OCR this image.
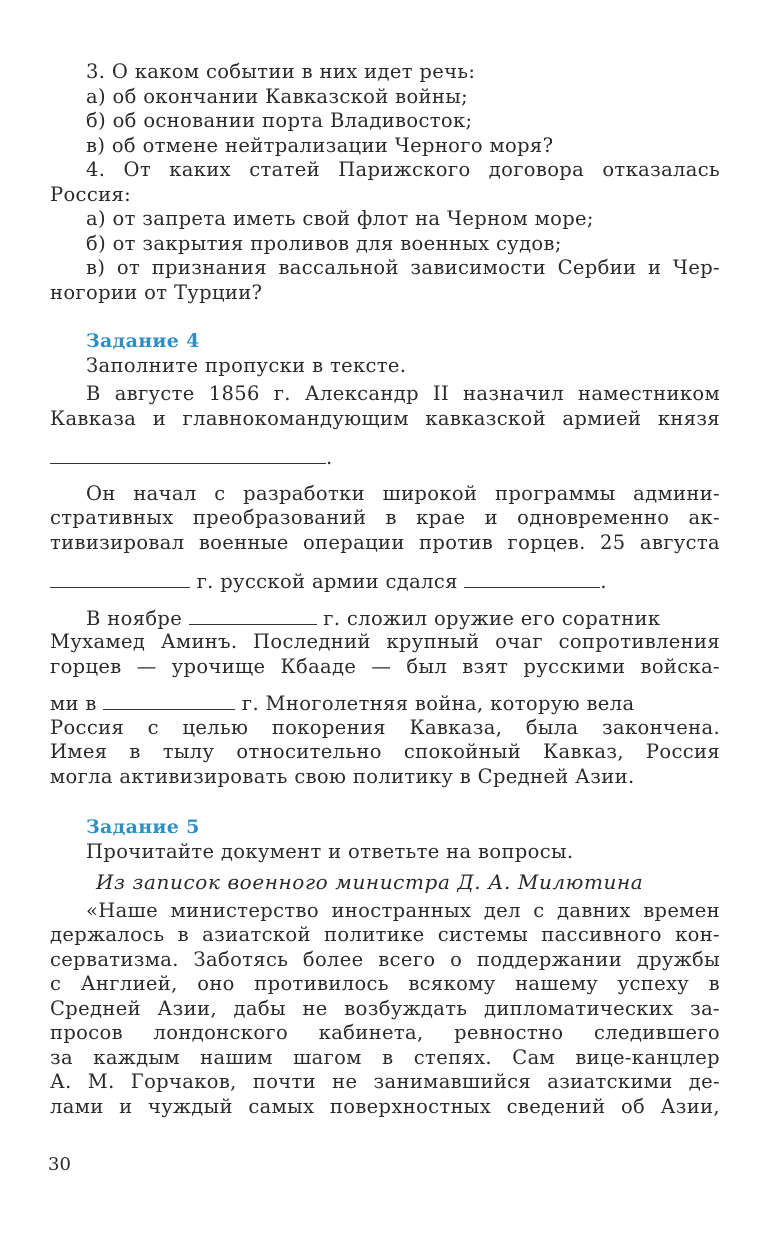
3. О каком событии в них идет речь:
а) об окончании Кавказской войны;
б) об основании порта Владивосток;
в) об отмене нейтрализации Черного моря?
4. От каких статей Парижского договора отказалась
Россия:
а) от запрета иметь свой флот на Черном море;
б) от закрытия проливов для военных судов;
в) от признания вассальной зависимости Сербии и Чер-
ногории от Турции?
Задание 4
Заполните пропуски в тексте.
В августе 1856 г. Александр II назначил наместником
Кавказа и главнокомандующим кавказской армией князя
.
Он начал с разработки широкой программы админи-
стративных преобразований в крае и одновременно ак-
тивизировал военные операции против горцев. 25 августа
г. русской армии сдался	.
В ноябре	г. сложил оружие его соратник
Мухамед Аминъ. Последний крупный очаг сопротивления
горцев — урочище Кбааде — был взят русскими войска-
ми в	г. Многолетняя война, которую вела
Россия с целью покорения Кавказа, была закончена.
Имея в тылу относительно спокойный Кавказ, Россия
могла активизировать свою политику в Средней Азии.
Задание 5
Прочитайте документ и ответьте на вопросы.
Из записок военного министра Д. А. Милютина
«Наше министерство иностранных дел с давних времен
держалось в азиатской политике системы пассивного кон-
серватизма. Заботясь более всего о поддержании дружбы
с Англией, оно противилось всякому нашему успеху в
Средней Азии, дабы не возбуждать дипломатических за-
просов лондонского кабинета, ревностно следившего
за каждым нашим шагом в степях. Сам вице-канцлер
А. М. Горчаков, почти не занимавшийся азиатскими де-
лами и чуждый самых поверхностных сведений об Азии,
30
